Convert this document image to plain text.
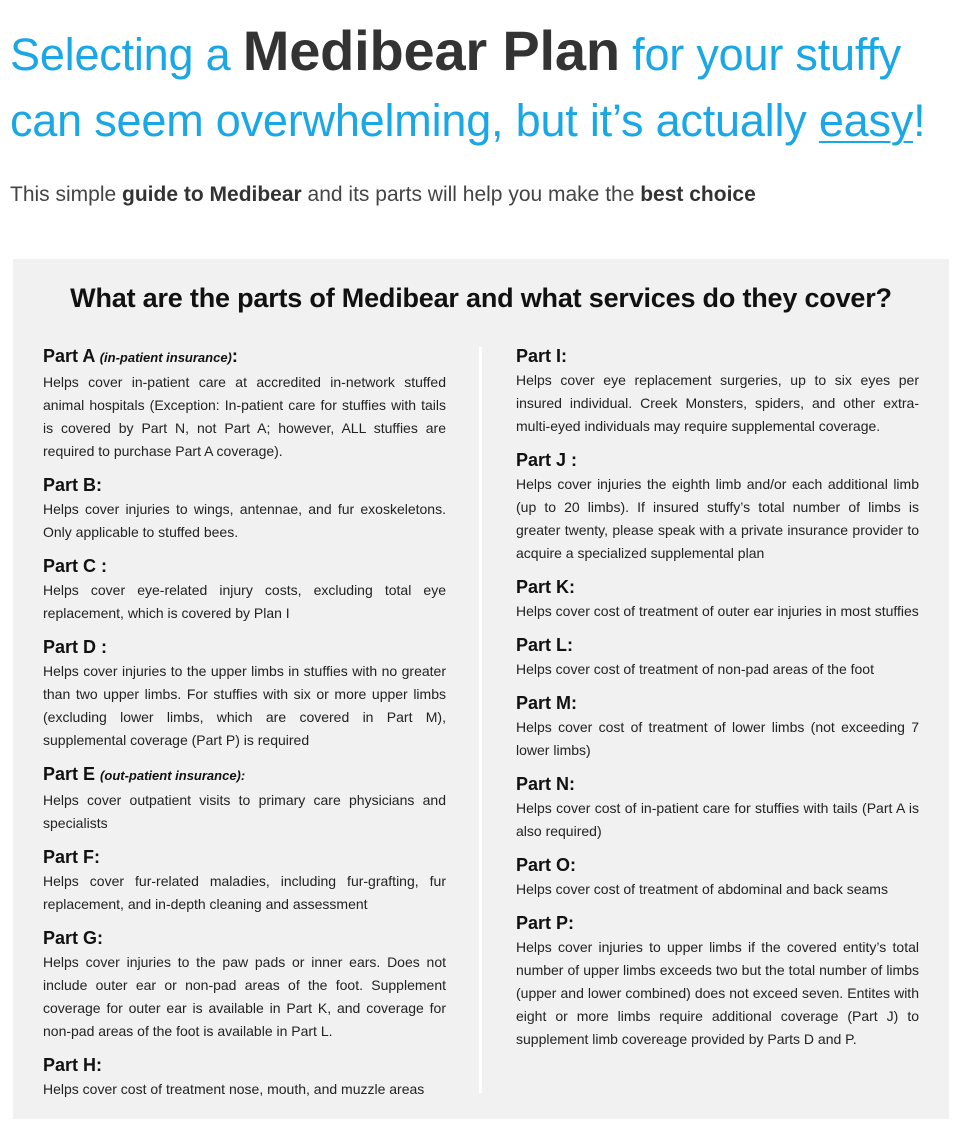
Selecting a Medibear Plan for your stuffy can seem overwhelming, but it’s actually easy!
This simple guide to Medibear and its parts will help you make the best choice
What are the parts of Medibear and what services do they cover?
Part A (in-patient insurance):
Helps cover in-patient care at accredited in-network stuffed animal hospitals (Exception: In-patient care for stuffies with tails is covered by Part N, not Part A; however, ALL stuffies are required to purchase Part A coverage).
Part B:
Helps cover injuries to wings, antennae, and fur exoskeletons. Only applicable to stuffed bees.
Part C :
Helps cover eye-related injury costs, excluding total eye replacement, which is covered by Plan I
Part D :
Helps cover injuries to the upper limbs in stuffies with no greater than two upper limbs. For stuffies with six or more upper limbs (excluding lower limbs, which are covered in Part M), supplemental coverage (Part P) is required
Part E (out-patient insurance):
Helps cover outpatient visits to primary care physicians and specialists
Part F:
Helps cover fur-related maladies, including fur-grafting, fur replacement, and in-depth cleaning and assessment
Part G:
Helps cover injuries to the paw pads or inner ears. Does not include outer ear or non-pad areas of the foot. Supplement coverage for outer ear is available in Part K, and coverage for non-pad areas of the foot is available in Part L.
Part H:
Helps cover cost of treatment nose, mouth, and muzzle areas
Part I:
Helps cover eye replacement surgeries, up to six eyes per insured individual. Creek Monsters, spiders, and other extra-multi-eyed individuals may require supplemental coverage.
Part J :
Helps cover injuries the eighth limb and/or each additional limb (up to 20 limbs). If insured stuffy’s total number of limbs is greater twenty, please speak with a private insurance provider to acquire a specialized supplemental plan
Part K:
Helps cover cost of treatment of outer ear injuries in most stuffies
Part L:
Helps cover cost of treatment of non-pad areas of the foot
Part M:
Helps cover cost of treatment of lower limbs (not exceeding 7 lower limbs)
Part N:
Helps cover cost of in-patient care for stuffies with tails (Part A is also required)
Part O:
Helps cover cost of treatment of abdominal and back seams
Part P:
Helps cover injuries to upper limbs if the covered entity’s total number of upper limbs exceeds two but the total number of limbs (upper and lower combined) does not exceed seven. Entites with eight or more limbs require additional coverage (Part J) to supplement limb covereage provided by Parts D and P.
